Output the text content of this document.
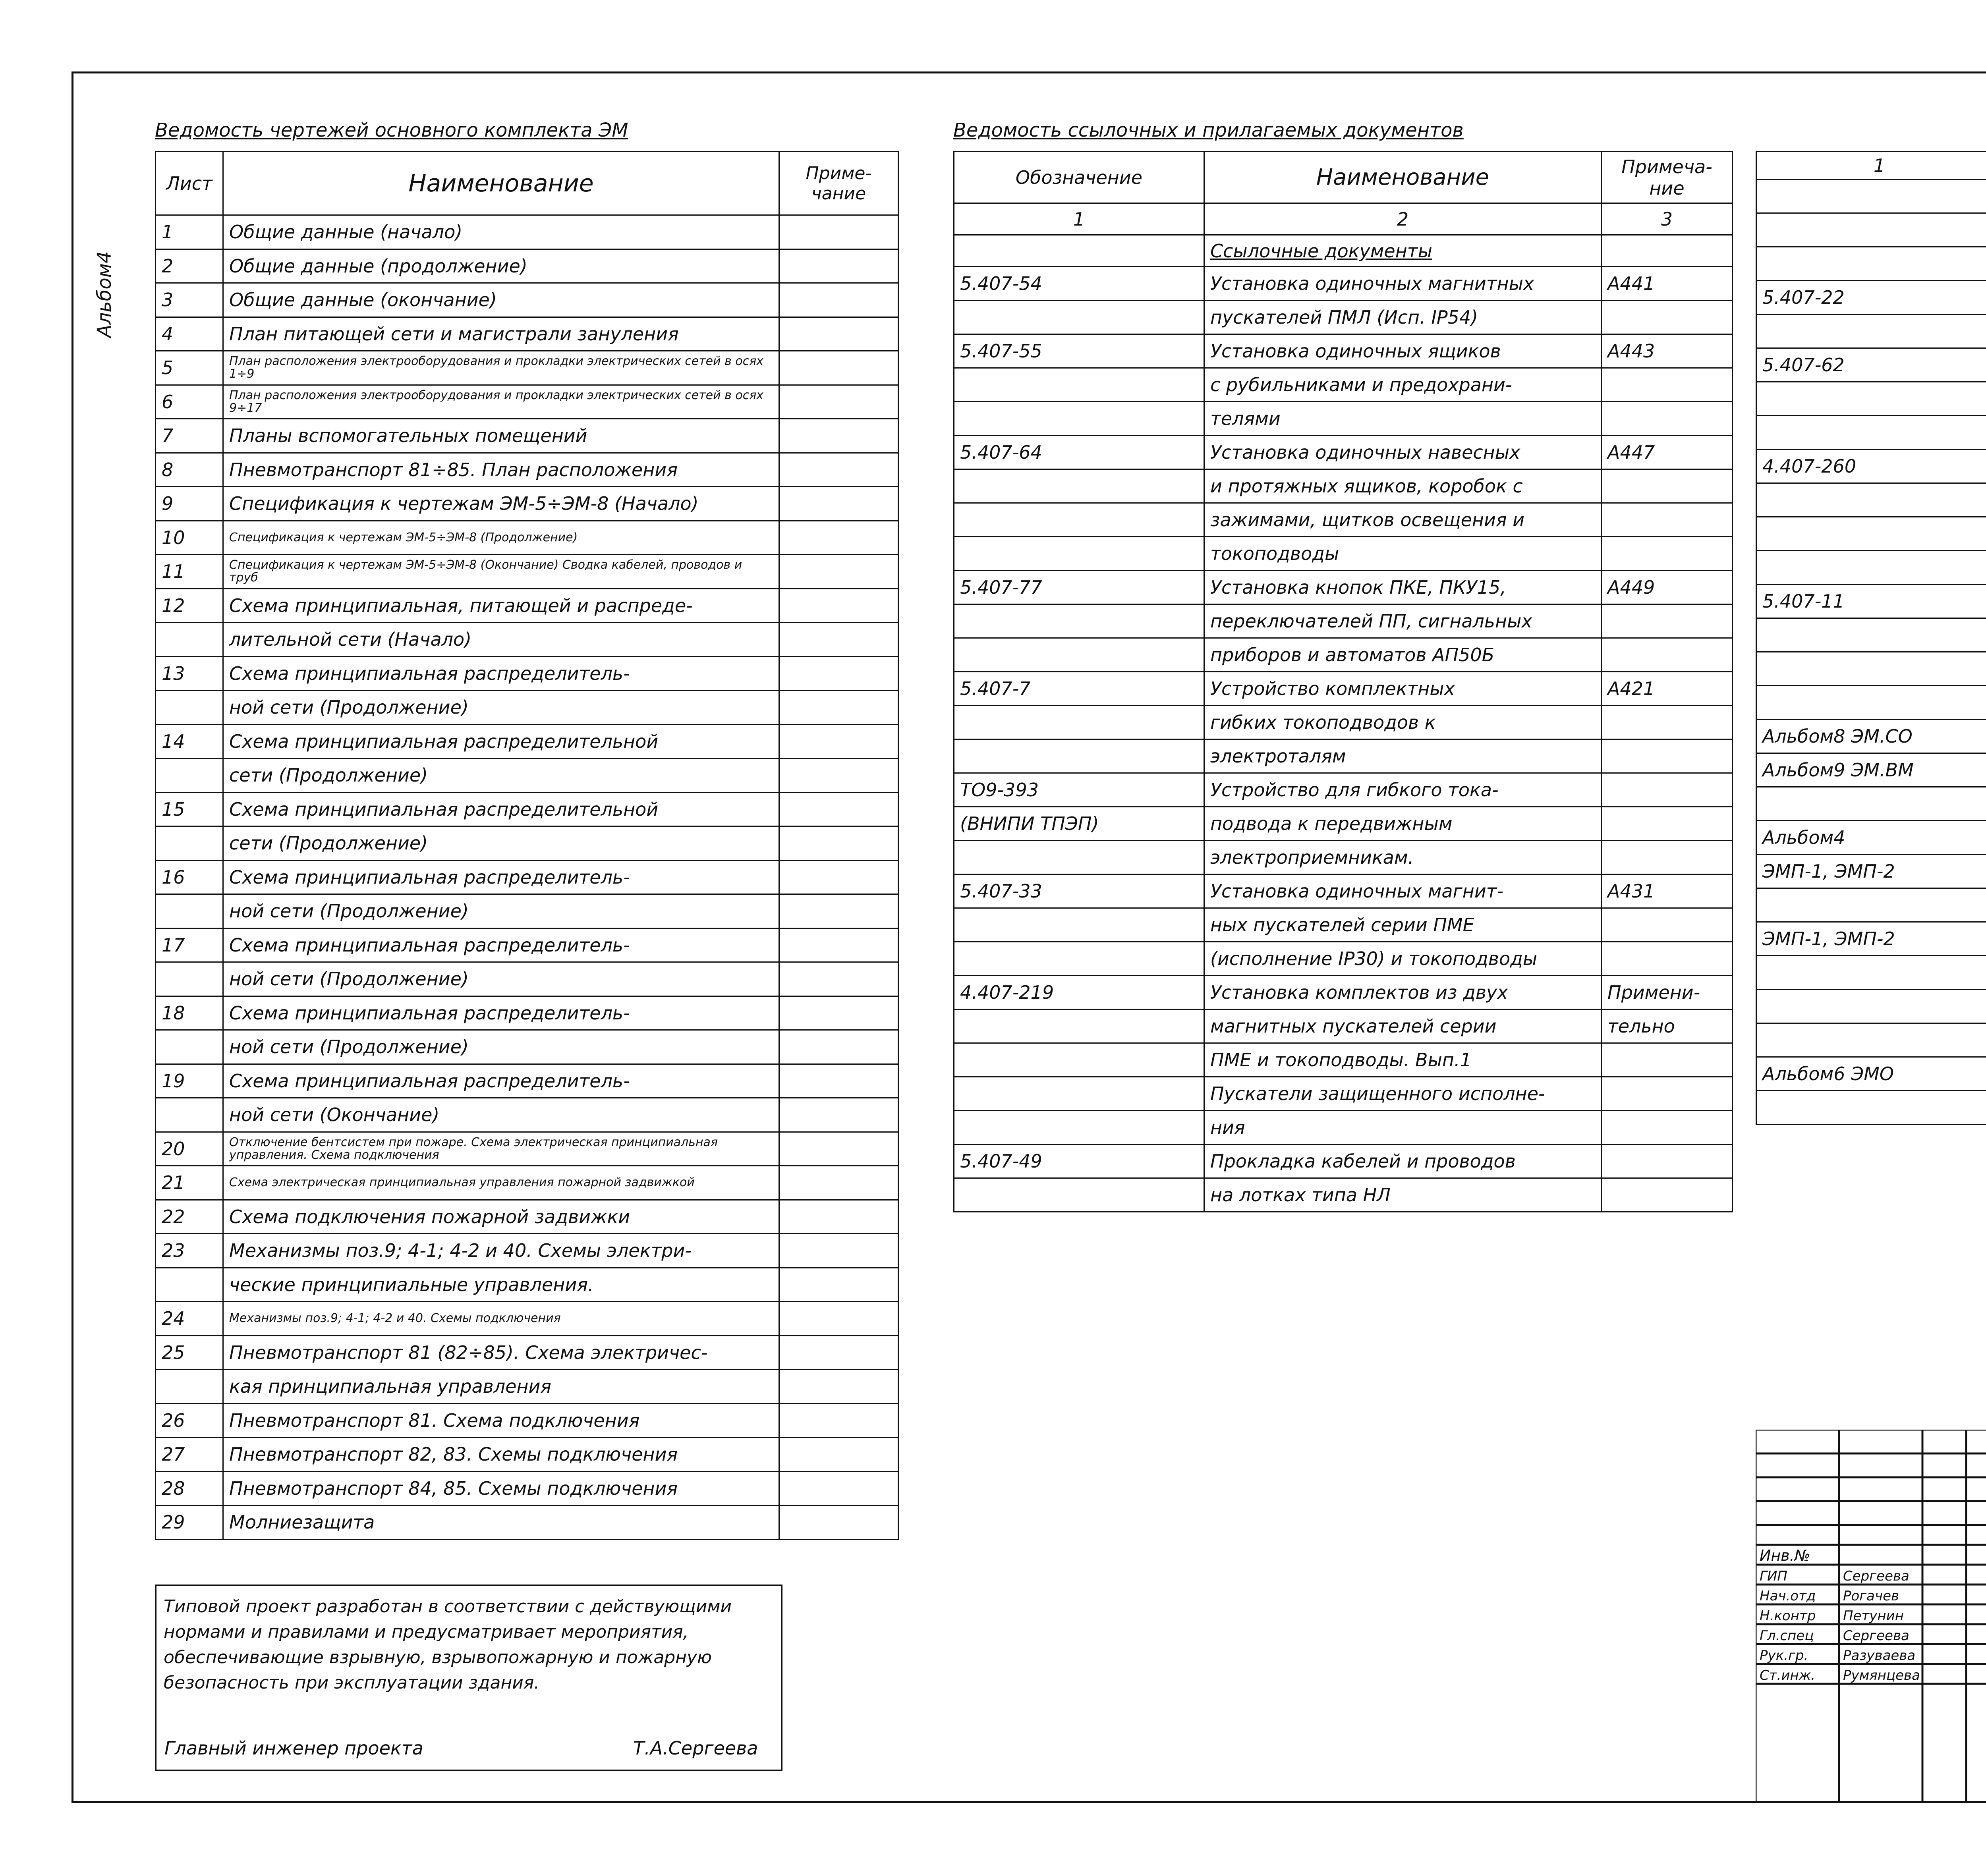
Альбом4
Ведомость чертежей основного комплекта ЭМ
Лист	Наименование	Приме-чание
1	Общие данные (начало)	
2	Общие данные (продолжение)	
3	Общие данные (окончание)	
4	План питающей сети и магистрали зануления	
5	План расположения электрооборудования и прокладки электрических сетей в осях 1÷9	
6	План расположения электрооборудования и прокладки электрических сетей в осях 9÷17	
7	Планы вспомогательных помещений	
8	Пневмотранспорт 81÷85. План расположения	
9	Спецификация к чертежам ЭМ-5÷ЭМ-8 (Начало)	
10	Спецификация к чертежам ЭМ-5÷ЭМ-8 (Продолжение)	
11	Спецификация к чертежам ЭМ-5÷ЭМ-8 (Окончание) Сводка кабелей, проводов и труб	
12	Схема принципиальная, питающей и распреде-	
	лительной сети (Начало)	
13	Схема принципиальная распределитель-	
	ной сети (Продолжение)	
14	Схема принципиальная распределительной	
	сети (Продолжение)	
15	Схема принципиальная распределительной	
	сети (Продолжение)	
16	Схема принципиальная распределитель-	
	ной сети (Продолжение)	
17	Схема принципиальная распределитель-	
	ной сети (Продолжение)	
18	Схема принципиальная распределитель-	
	ной сети (Продолжение)	
19	Схема принципиальная распределитель-	
	ной сети (Окончание)	
20	Отключение бентсистем при пожаре. Схема электрическая принципиальная управления. Схема подключения	
21	Схема электрическая принципиальная управления пожарной задвижкой	
22	Схема подключения пожарной задвижки	
23	Механизмы поз.9; 4-1; 4-2 и 40. Схемы электри-	
	ческие принципиальные управления.	
24	Механизмы поз.9; 4-1; 4-2 и 40. Схемы подключения	
25	Пневмотранспорт 81 (82÷85). Схема электричес-	
	кая принципиальная управления	
26	Пневмотранспорт 81. Схема подключения	
27	Пневмотранспорт 82, 83. Схемы подключения	
28	Пневмотранспорт 84, 85. Схемы подключения	
29	Молниезащита	
Ведомость ссылочных и прилагаемых документов
Обозначение	Наименование	Примеча-ние
1	2	3
	Ссылочные документы	
5.407-54	Установка одиночных магнитных	А441
	пускателей ПМЛ (Исп. IP54)	
5.407-55	Установка одиночных ящиков	А443
	с рубильниками и предохрани-	
	телями	
5.407-64	Установка одиночных навесных	А447
	и протяжных ящиков, коробок с	
	зажимами, щитков освещения и	
	токоподводы	
5.407-77	Установка кнопок ПКЕ, ПКУ15,	А449
	переключателей ПП, сигнальных	
	приборов и автоматов АП50Б	
5.407-7	Устройство комплектных	А421
	гибких токоподводов к	
	электроталям	
ТО9-393	Устройство для гибкого тока-	
(ВНИПИ ТПЭП)	подвода к передвижным	
	электроприемникам.	
5.407-33	Установка одиночных магнит-	А431
	ных пускателей серии ПМЕ	
	(исполнение IP30) и токоподводы	
4.407-219	Установка комплектов из двух	Примени-
	магнитных пускателей серии	тельно
	ПМЕ и токоподводы. Вып.1	
	Пускатели защищенного исполне-	
	ния	
5.407-49	Прокладка кабелей и проводов	
	на лотках типа НЛ	
1		

5.407-22		

5.407-62		

4.407-260		

5.407-11		

Альбом8 ЭМ.СО		
Альбом9 ЭМ.ВМ		

Альбом4		
ЭМП-1, ЭМП-2		

ЭМП-1, ЭМП-2		

Альбом6 ЭМО		

Типовой проект разработан в соответствии с действующими нормами и правилами и предусматривает мероприятия, обеспечивающие взрывную, взрывопожарную и пожарную безопасность при эксплуатации здания.
Главный инженер проекта	Т.А.Сергеева
Инв.№
ГИП	Сергеева
Нач.отд Рогачев
Н.контр Петунин
Гл.спец Сергеева
Рук.гр.	Разуваева
Ст.инж. Румянцева
